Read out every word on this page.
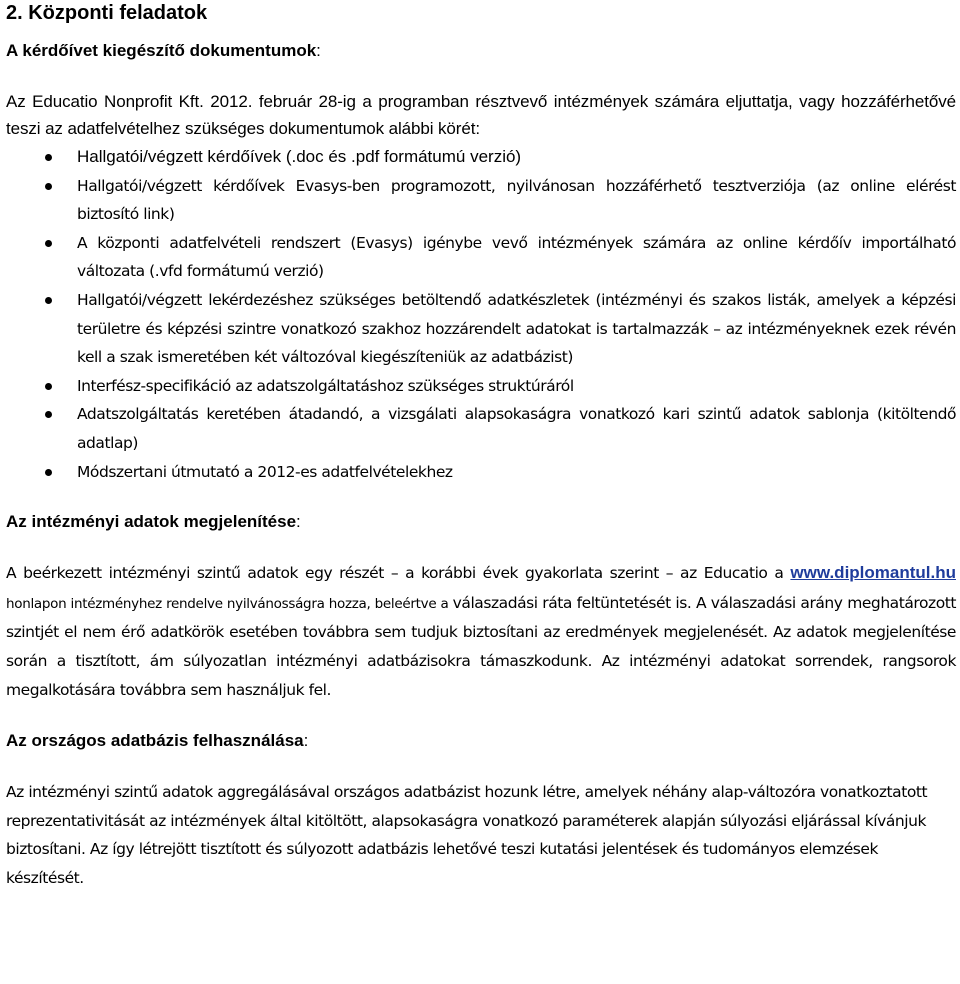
2. Központi feladatok

A kérdőívet kiegészítő dokumentumok:

Az Educatio Nonprofit Kft. 2012. február 28-ig a programban résztvevő intézmények számára eljuttatja, vagy hozzáférhetővé teszi az adatfelvételhez szükséges dokumentumok alábbi körét:

Hallgatói/végzett kérdőívek (.doc és .pdf formátumú verzió)
Hallgatói/végzett kérdőívek Evasys-ben programozott, nyilvánosan hozzáférhető tesztverziója (az online elérést biztosító link)
A központi adatfelvételi rendszert (Evasys) igénybe vevő intézmények számára az online kérdőív importálható változata (.vfd formátumú verzió)
Hallgatói/végzett lekérdezéshez szükséges betöltendő adatkészletek (intézményi és szakos listák, amelyek a képzési területre és képzési szintre vonatkozó szakhoz hozzárendelt adatokat is tartalmazzák – az intézményeknek ezek révén kell a szak ismeretében két változóval kiegészíteniük az adatbázist)
Interfész-specifikáció az adatszolgáltatáshoz szükséges struktúráról
Adatszolgáltatás keretében átadandó, a vizsgálati alapsokaságra vonatkozó kari szintű adatok sablonja (kitöltendő adatlap)
Módszertani útmutató a 2012-es adatfelvételekhez

Az intézményi adatok megjelenítése:

A beérkezett intézményi szintű adatok egy részét – a korábbi évek gyakorlata szerint – az Educatio a www.diplomantul.hu honlapon intézményhez rendelve nyilvánosságra hozza, beleértve a válaszadási ráta feltüntetését is. A válaszadási arány meghatározott szintjét el nem érő adatkörök esetében továbbra sem tudjuk biztosítani az eredmények megjelenését. Az adatok megjelenítése során a tisztított, ám súlyozatlan intézményi adatbázisokra támaszkodunk. Az intézményi adatokat sorrendek, rangsorok megalkotására továbbra sem használjuk fel.

Az országos adatbázis felhasználása:

Az intézményi szintű adatok aggregálásával országos adatbázist hozunk létre, amelyek néhány alap-változóra vonatkoztatott reprezentativitását az intézmények által kitöltött, alapsokaságra vonatkozó paraméterek alapján súlyozási eljárással kívánjuk biztosítani. Az így létrejött tisztított és súlyozott adatbázis lehetővé teszi kutatási jelentések és tudományos elemzések készítését.
